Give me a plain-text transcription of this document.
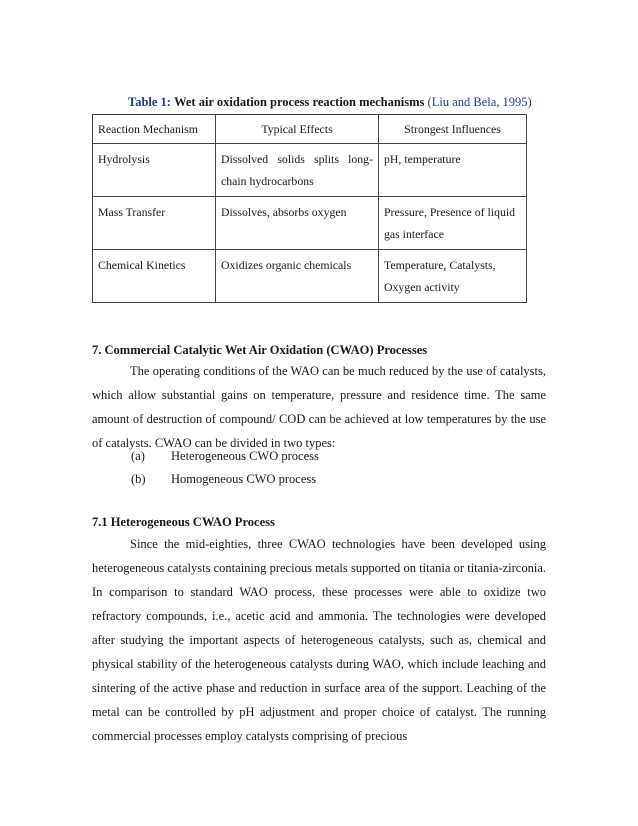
Table 1: Wet air oxidation process reaction mechanisms (Liu and Bela, 1995)
Reaction Mechanism	Typical Effects	Strongest Influences
Hydrolysis	Dissolved solids splits long-chain hydrocarbons	pH, temperature
Mass Transfer	Dissolves, absorbs oxygen	Pressure, Presence of liquid gas interface
Chemical Kinetics	Oxidizes organic chemicals	Temperature, Catalysts, Oxygen activity
7. Commercial Catalytic Wet Air Oxidation (CWAO) Processes

The operating conditions of the WAO can be much reduced by the use of catalysts, which allow substantial gains on temperature, pressure and residence time. The same amount of destruction of compound/ COD can be achieved at low temperatures by the use of catalysts. CWAO can be divided in two types:

(a) Heterogeneous CWO process
(b) Homogeneous CWO process
7.1 Heterogeneous CWAO Process

Since the mid-eighties, three CWAO technologies have been developed using heterogeneous catalysts containing precious metals supported on titania or titania-zirconia. In comparison to standard WAO process, these processes were able to oxidize two refractory compounds, i.e., acetic acid and ammonia. The technologies were developed after studying the important aspects of heterogeneous catalysts, such as, chemical and physical stability of the heterogeneous catalysts during WAO, which include leaching and sintering of the active phase and reduction in surface area of the support. Leaching of the metal can be controlled by pH adjustment and proper choice of catalyst. The running commercial processes employ catalysts comprising of precious
